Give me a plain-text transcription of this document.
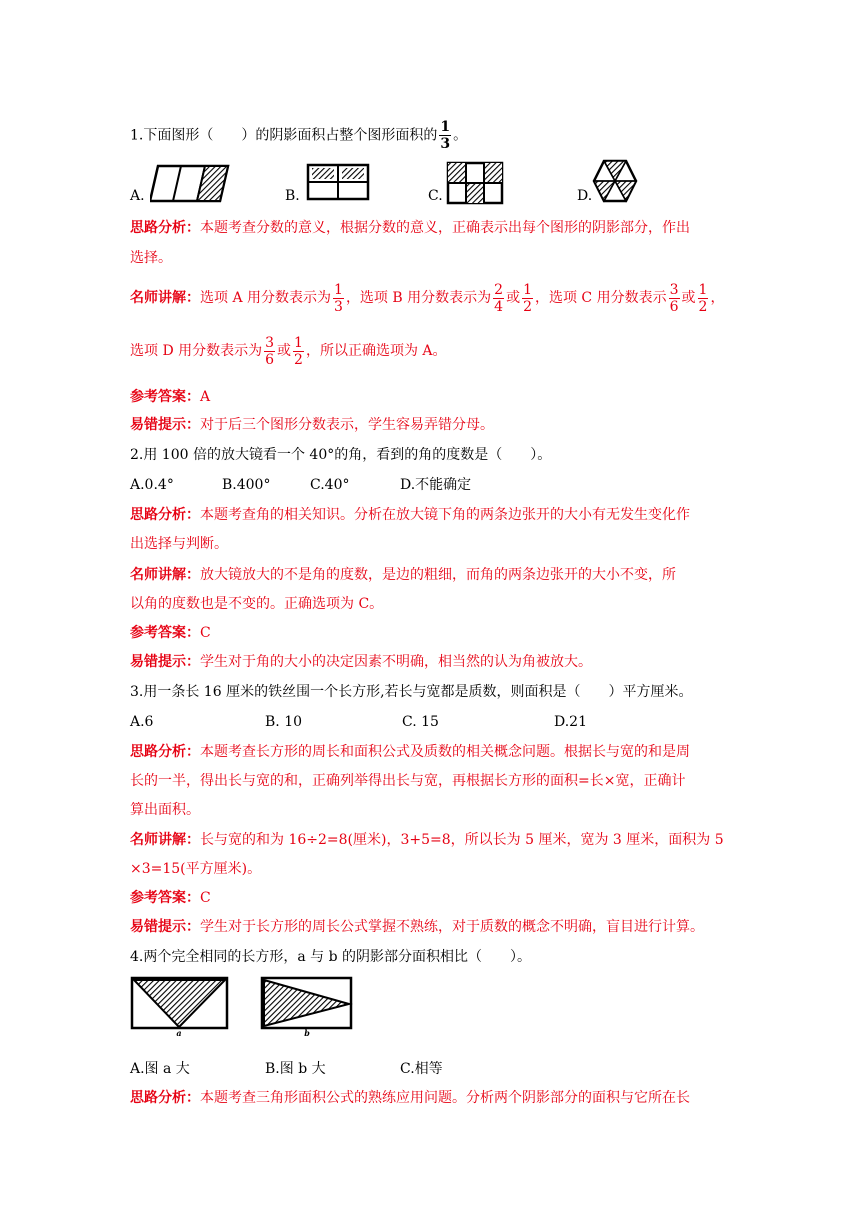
1.下面图形（　　）的阴影面积占整个图形面积的 $\frac{1}{3}$ 。
A.	B.	C.	D.
思路分析：本题考查分数的意义，根据分数的意义，正确表示出每个图形的阴影部分，作出
选择。
名师讲解：选项 A 用分数表示为 $\frac{1}{3}$ ，选项 B 用分数表示为 $\frac{2}{4}$ 或 $\frac{1}{2}$ ，选项 C 用分数表示 $\frac{3}{6}$ 或 $\frac{1}{2}$ ，
选项 D 用分数表示为 $\frac{3}{6}$ 或 $\frac{1}{2}$ ，所以正确选项为 A。
参考答案：A
易错提示：对于后三个图形分数表示，学生容易弄错分母。
2.用 100 倍的放大镜看一个 40°的角，看到的角的度数是（　　）。
A.0.4°	B.400°	C.40°	D.不能确定
思路分析：本题考查角的相关知识。分析在放大镜下角的两条边张开的大小有无发生变化作
出选择与判断。
名师讲解：放大镜放大的不是角的度数，是边的粗细，而角的两条边张开的大小不变，所
以角的度数也是不变的。正确选项为 C。
参考答案：C
易错提示：学生对于角的大小的决定因素不明确，相当然的认为角被放大。
3.用一条长 16 厘米的铁丝围一个长方形,若长与宽都是质数，则面积是（　　）平方厘米。
A.6	B. 10	C. 15	D.21
思路分析：本题考查长方形的周长和面积公式及质数的相关概念问题。根据长与宽的和是周
长的一半，得出长与宽的和，正确列举得出长与宽，再根据长方形的面积=长×宽，正确计
算出面积。
名师讲解：长与宽的和为 16÷2=8(厘米)，3+5=8，所以长为 5 厘米，宽为 3 厘米，面积为 5
×3=15(平方厘米)。
参考答案：C
易错提示：学生对于长方形的周长公式掌握不熟练，对于质数的概念不明确，盲目进行计算。
4.两个完全相同的长方形，a 与 b 的阴影部分面积相比（　　）。
a	b
A.图 a 大	B.图 b 大	C.相等
思路分析：本题考查三角形面积公式的熟练应用问题。分析两个阴影部分的面积与它所在长
